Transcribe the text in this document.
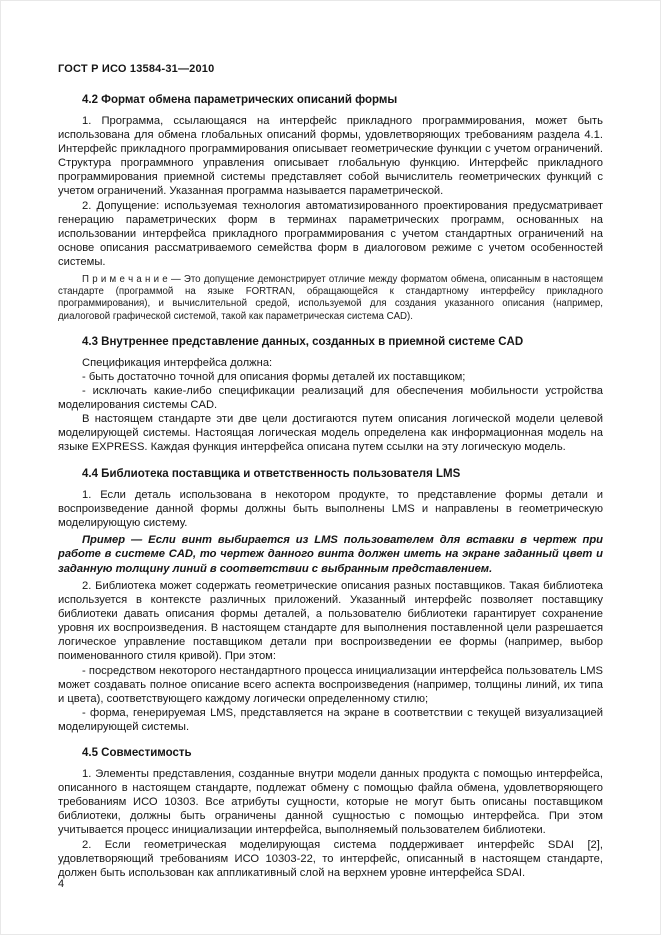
ГОСТ Р ИСО 13584-31—2010
4.2 Формат обмена параметрических описаний формы

1. Программа, ссылающаяся на интерфейс прикладного программирования, может быть использована для обмена глобальных описаний формы, удовлетворяющих требованиям раздела 4.1. Интерфейс прикладного программирования описывает геометрические функции с учетом ограничений. Структура программного управления описывает глобальную функцию. Интерфейс прикладного программирования приемной системы представляет собой вычислитель геометрических функций с учетом ограничений. Указанная программа называется параметрической.

2. Допущение: используемая технология автоматизированного проектирования предусматривает генерацию параметрических форм в терминах параметрических программ, основанных на использовании интерфейса прикладного программирования с учетом стандартных ограничений на основе описания рассматриваемого семейства форм в диалоговом режиме с учетом особенностей системы.

П р и м е ч а н и е — Это допущение демонстрирует отличие между форматом обмена, описанным в настоящем стандарте (программой на языке FORTRAN, обращающейся к стандартному интерфейсу прикладного программирования), и вычислительной средой, используемой для создания указанного описания (например, диалоговой графической системой, такой как параметрическая система CAD).

4.3 Внутреннее представление данных, созданных в приемной системе CAD

Спецификация интерфейса должна:

- быть достаточно точной для описания формы деталей их поставщиком;

- исключать какие-либо спецификации реализаций для обеспечения мобильности устройства моделирования системы CAD.

В настоящем стандарте эти две цели достигаются путем описания логической модели целевой моделирующей системы. Настоящая логическая модель определена как информационная модель на языке EXPRESS. Каждая функция интерфейса описана путем ссылки на эту логическую модель.

4.4 Библиотека поставщика и ответственность пользователя LMS

1. Если деталь использована в некотором продукте, то представление формы детали и воспроизведение данной формы должны быть выполнены LMS и направлены в геометрическую моделирующую систему.

Пример — Если винт выбирается из LMS пользователем для вставки в чертеж при работе в системе CAD, то чертеж данного винта должен иметь на экране заданный цвет и заданную толщину линий в соответствии с выбранным представлением.

2. Библиотека может содержать геометрические описания разных поставщиков. Такая библиотека используется в контексте различных приложений. Указанный интерфейс позволяет поставщику библиотеки давать описания формы деталей, а пользователю библиотеки гарантирует сохранение уровня их воспроизведения. В настоящем стандарте для выполнения поставленной цели разрешается логическое управление поставщиком детали при воспроизведении ее формы (например, выбор поименованного стиля кривой). При этом:

- посредством некоторого нестандартного процесса инициализации интерфейса пользователь LMS может создавать полное описание всего аспекта воспроизведения (например, толщины линий, их типа и цвета), соответствующего каждому логически определенному стилю;

- форма, генерируемая LMS, представляется на экране в соответствии с текущей визуализацией моделирующей системы.

4.5 Совместимость

1. Элементы представления, созданные внутри модели данных продукта с помощью интерфейса, описанного в настоящем стандарте, подлежат обмену с помощью файла обмена, удовлетворяющего требованиям ИСО 10303. Все атрибуты сущности, которые не могут быть описаны поставщиком библиотеки, должны быть ограничены данной сущностью с помощью интерфейса. При этом учитывается процесс инициализации интерфейса, выполняемый пользователем библиотеки.

2. Если геометрическая моделирующая система поддерживает интерфейс SDAI [2], удовлетворяющий требованиям ИСО 10303-22, то интерфейс, описанный в настоящем стандарте, должен быть использован как аппликативный слой на верхнем уровне интерфейса SDAI.

4
